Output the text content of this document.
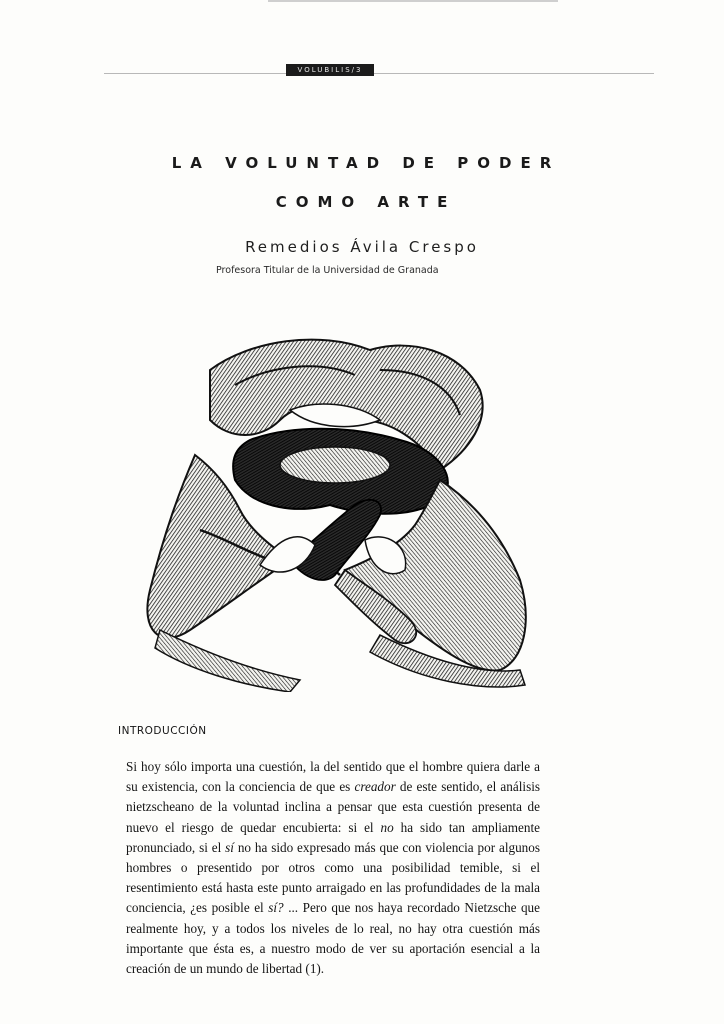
VOLUBILIS/3
LA VOLUNTAD DE PODER
COMO ARTE
Remedios Ávila Crespo
Profesora Titular de la Universidad de Granada
INTRODUCCIÓN
Si hoy sólo importa una cuestión, la del sentido que el hombre quiera darle a su existencia, con la conciencia de que es creador de este sentido, el análisis nietzscheano de la voluntad inclina a pensar que esta cuestión presenta de nuevo el riesgo de quedar encubierta: si el no ha sido tan ampliamente pronunciado, si el sí no ha sido expresado más que con violencia por algunos hombres o presentido por otros como una posibilidad temible, si el resentimiento está hasta este punto arraigado en las profundidades de la mala conciencia, ¿es posible el sí? ... Pero que nos haya recordado Nietzsche que realmente hoy, y a todos los niveles de lo real, no hay otra cuestión más importante que ésta es, a nuestro modo de ver su aportación esencial a la creación de un mundo de libertad (1).
